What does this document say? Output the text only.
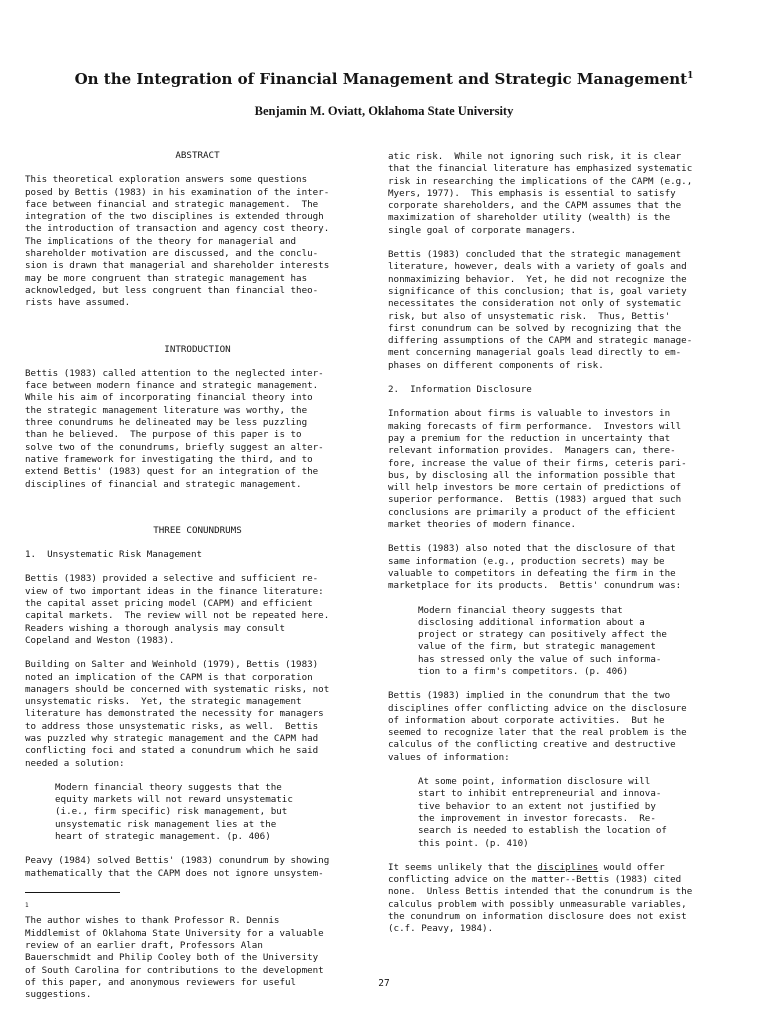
On the Integration of Financial Management and Strategic Management$^1$
Benjamin M. Oviatt, Oklahoma State University
ABSTRACT
This theoretical exploration answers some questions
posed by Bettis (1983) in his examination of the inter-
face between financial and strategic management.  The
integration of the two disciplines is extended through
the introduction of transaction and agency cost theory.
The implications of the theory for managerial and
shareholder motivation are discussed, and the conclu-
sion is drawn that managerial and shareholder interests
may be more congruent than strategic management has
acknowledged, but less congruent than financial theo-
rists have assumed.
INTRODUCTION
Bettis (1983) called attention to the neglected inter-
face between modern finance and strategic management.
While his aim of incorporating financial theory into
the strategic management literature was worthy, the
three conundrums he delineated may be less puzzling
than he believed.  The purpose of this paper is to
solve two of the conundrums, briefly suggest an alter-
native framework for investigating the third, and to
extend Bettis' (1983) quest for an integration of the
disciplines of financial and strategic management.
THREE CONUNDRUMS
1.  Unsystematic Risk Management
Bettis (1983) provided a selective and sufficient re-
view of two important ideas in the finance literature:
the capital asset pricing model (CAPM) and efficient
capital markets.  The review will not be repeated here.
Readers wishing a thorough analysis may consult
Copeland and Weston (1983).
Building on Salter and Weinhold (1979), Bettis (1983)
noted an implication of the CAPM is that corporation
managers should be concerned with systematic risks, not
unsystematic risks.  Yet, the strategic management
literature has demonstrated the necessity for managers
to address those unsystematic risks, as well.  Bettis
was puzzled why strategic management and the CAPM had
conflicting foci and stated a conundrum which he said
needed a solution:
Modern financial theory suggests that the
equity markets will not reward unsystematic
(i.e., firm specific) risk management, but
unsystematic risk management lies at the
heart of strategic management. (p. 406)
Peavy (1984) solved Bettis' (1983) conundrum by showing
mathematically that the CAPM does not ignore unsystem-
$^1$
The author wishes to thank Professor R. Dennis
Middlemist of Oklahoma State University for a valuable
review of an earlier draft, Professors Alan
Bauerschmidt and Philip Cooley both of the University
of South Carolina for contributions to the development
of this paper, and anonymous reviewers for useful
suggestions.
atic risk.  While not ignoring such risk, it is clear
that the financial literature has emphasized systematic
risk in researching the implications of the CAPM (e.g.,
Myers, 1977).  This emphasis is essential to satisfy
corporate shareholders, and the CAPM assumes that the
maximization of shareholder utility (wealth) is the
single goal of corporate managers.
Bettis (1983) concluded that the strategic management
literature, however, deals with a variety of goals and
nonmaximizing behavior.  Yet, he did not recognize the
significance of this conclusion; that is, goal variety
necessitates the consideration not only of systematic
risk, but also of unsystematic risk.  Thus, Bettis'
first conundrum can be solved by recognizing that the
differing assumptions of the CAPM and strategic manage-
ment concerning managerial goals lead directly to em-
phases on different components of risk.
2.  Information Disclosure
Information about firms is valuable to investors in
making forecasts of firm performance.  Investors will
pay a premium for the reduction in uncertainty that
relevant information provides.  Managers can, there-
fore, increase the value of their firms, ceteris pari-
bus, by disclosing all the information possible that
will help investors be more certain of predictions of
superior performance.  Bettis (1983) argued that such
conclusions are primarily a product of the efficient
market theories of modern finance.
Bettis (1983) also noted that the disclosure of that
same information (e.g., production secrets) may be
valuable to competitors in defeating the firm in the
marketplace for its products.  Bettis' conundrum was:
Modern financial theory suggests that
disclosing additional information about a
project or strategy can positively affect the
value of the firm, but strategic management
has stressed only the value of such informa-
tion to a firm's competitors. (p. 406)
Bettis (1983) implied in the conundrum that the two
disciplines offer conflicting advice on the disclosure
of information about corporate activities.  But he
seemed to recognize later that the real problem is the
calculus of the conflicting creative and destructive
values of information:
At some point, information disclosure will
start to inhibit entrepreneurial and innova-
tive behavior to an extent not justified by
the improvement in investor forecasts.  Re-
search is needed to establish the location of
this point. (p. 410)
It seems unlikely that the disciplines would offer
conflicting advice on the matter--Bettis (1983) cited
none.  Unless Bettis intended that the conundrum is the
calculus problem with possibly unmeasurable variables,
the conundrum on information disclosure does not exist
(c.f. Peavy, 1984).
27
